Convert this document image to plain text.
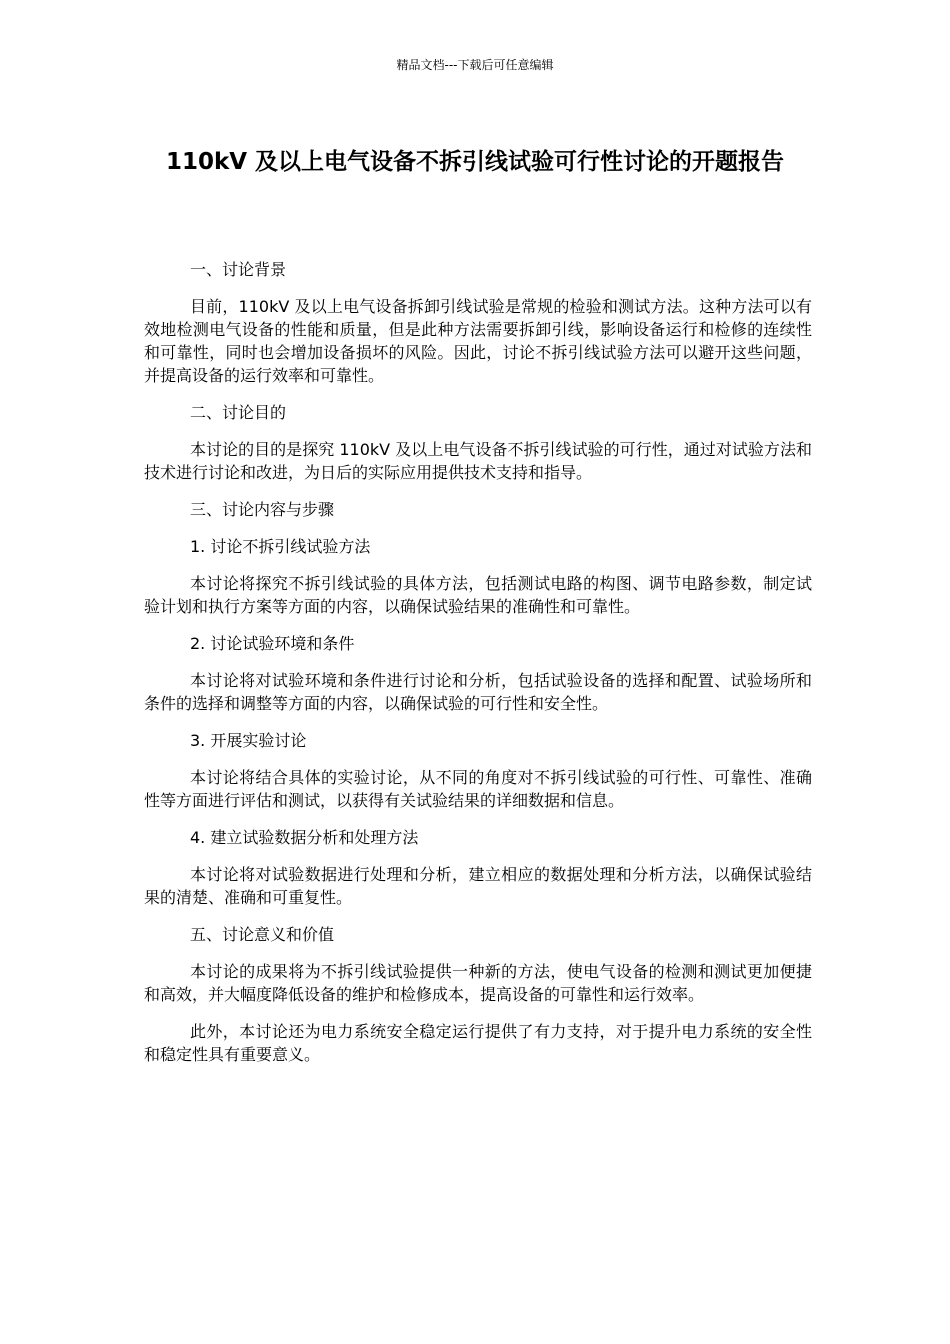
精品文档---下载后可任意编辑
110kV 及以上电气设备不拆引线试验可行性讨论的开题报告

一、讨论背景

目前，110kV 及以上电气设备拆卸引线试验是常规的检验和测试方法。这种方法可以有效地检测电气设备的性能和质量，但是此种方法需要拆卸引线，影响设备运行和检修的连续性和可靠性，同时也会增加设备损坏的风险。因此，讨论不拆引线试验方法可以避开这些问题，并提高设备的运行效率和可靠性。

二、讨论目的

本讨论的目的是探究 110kV 及以上电气设备不拆引线试验的可行性，通过对试验方法和技术进行讨论和改进，为日后的实际应用提供技术支持和指导。

三、讨论内容与步骤

1. 讨论不拆引线试验方法

本讨论将探究不拆引线试验的具体方法，包括测试电路的构图、调节电路参数，制定试验计划和执行方案等方面的内容，以确保试验结果的准确性和可靠性。

2. 讨论试验环境和条件

本讨论将对试验环境和条件进行讨论和分析，包括试验设备的选择和配置、试验场所和条件的选择和调整等方面的内容，以确保试验的可行性和安全性。

3. 开展实验讨论

本讨论将结合具体的实验讨论，从不同的角度对不拆引线试验的可行性、可靠性、准确性等方面进行评估和测试，以获得有关试验结果的详细数据和信息。

4. 建立试验数据分析和处理方法

本讨论将对试验数据进行处理和分析，建立相应的数据处理和分析方法，以确保试验结果的清楚、准确和可重复性。

五、讨论意义和价值

本讨论的成果将为不拆引线试验提供一种新的方法，使电气设备的检测和测试更加便捷和高效，并大幅度降低设备的维护和检修成本，提高设备的可靠性和运行效率。

此外，本讨论还为电力系统安全稳定运行提供了有力支持，对于提升电力系统的安全性和稳定性具有重要意义。
